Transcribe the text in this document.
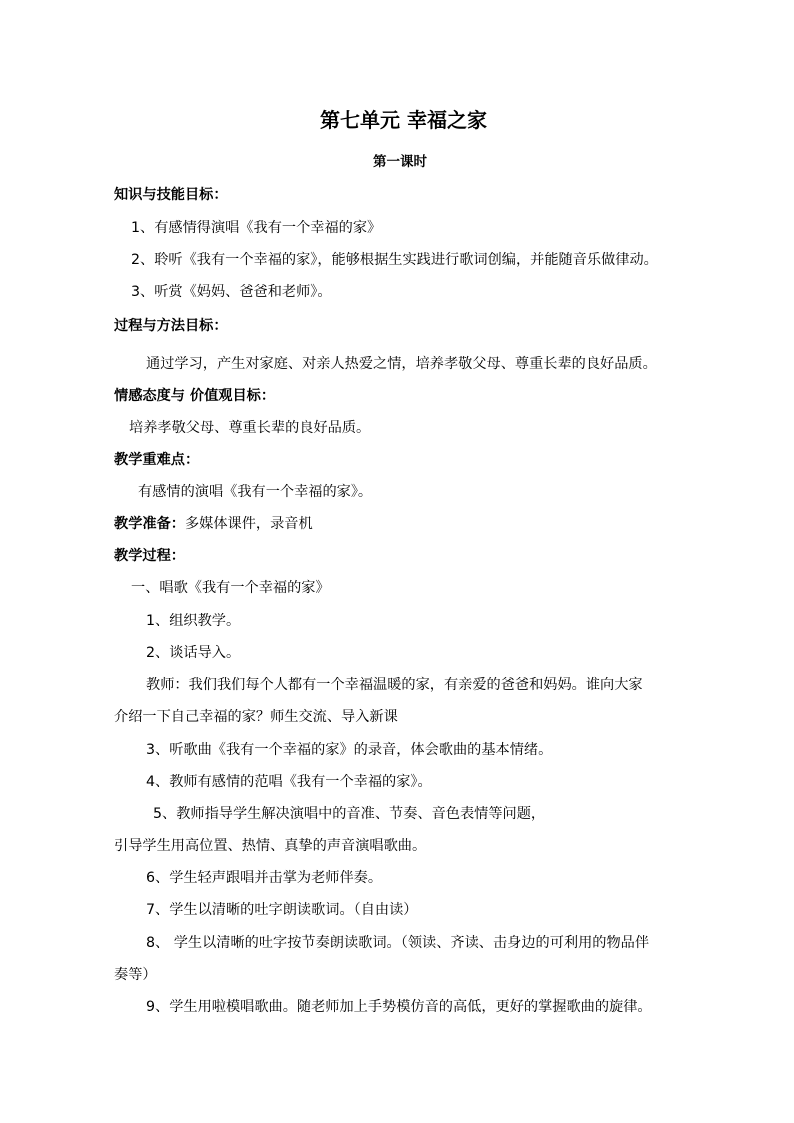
第七单元 幸福之家
第一课时
知识与技能目标：
1、有感情得演唱《我有一个幸福的家》
2、聆听《我有一个幸福的家》，能够根据生实践进行歌词创编，并能随音乐做律动。
3、听赏《妈妈、爸爸和老师》。
过程与方法目标：
通过学习，产生对家庭、对亲人热爱之情，培养孝敬父母、尊重长辈的良好品质。
情感态度与 价值观目标：
培养孝敬父母、尊重长辈的良好品质。
教学重难点：
有感情的演唱《我有一个幸福的家》。
教学准备：多媒体课件，录音机
教学过程：
一、唱歌《我有一个幸福的家》
1、组织教学。
2、谈话导入。
教师：我们我们每个人都有一个幸福温暖的家，有亲爱的爸爸和妈妈。谁向大家
介绍一下自己幸福的家？师生交流、导入新课
3、听歌曲《我有一个幸福的家》的录音，体会歌曲的基本情绪。
4、教师有感情的范唱《我有一个幸福的家》。
5、教师指导学生解决演唱中的音准、节奏、音色表情等问题，
引导学生用高位置、热情、真挚的声音演唱歌曲。
6、学生轻声跟唱并击掌为老师伴奏。
7、学生以清晰的吐字朗读歌词。（自由读）
8、 学生以清晰的吐字按节奏朗读歌词。（领读、齐读、击身边的可利用的物品伴
奏等）
9、学生用啦模唱歌曲。随老师加上手势模仿音的高低，更好的掌握歌曲的旋律。
